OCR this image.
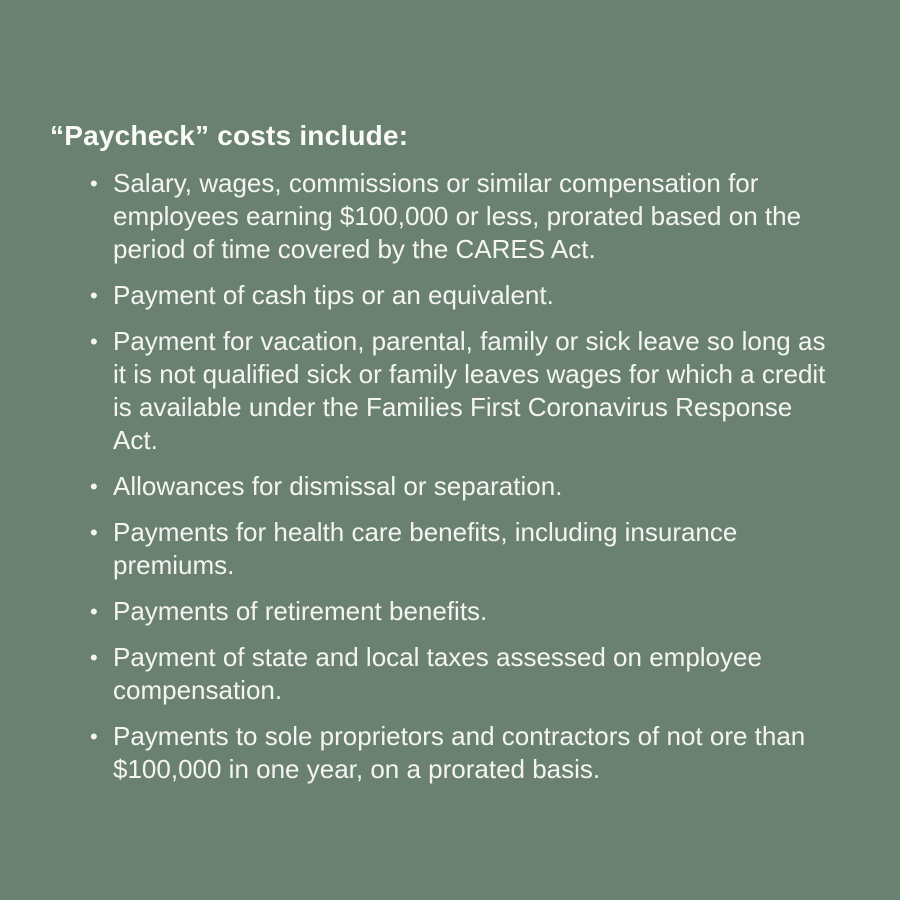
“Paycheck” costs include:
• Salary, wages, commissions or similar compensation for employees earning $100,000 or less, prorated based on the period of time covered by the CARES Act.
• Payment of cash tips or an equivalent.
• Payment for vacation, parental, family or sick leave so long as it is not qualified sick or family leaves wages for which a credit is available under the Families First Coronavirus Response Act.
• Allowances for dismissal or separation.
• Payments for health care benefits, including insurance premiums.
• Payments of retirement benefits.
• Payment of state and local taxes assessed on employee compensation.
• Payments to sole proprietors and contractors of not ore than $100,000 in one year, on a prorated basis.
